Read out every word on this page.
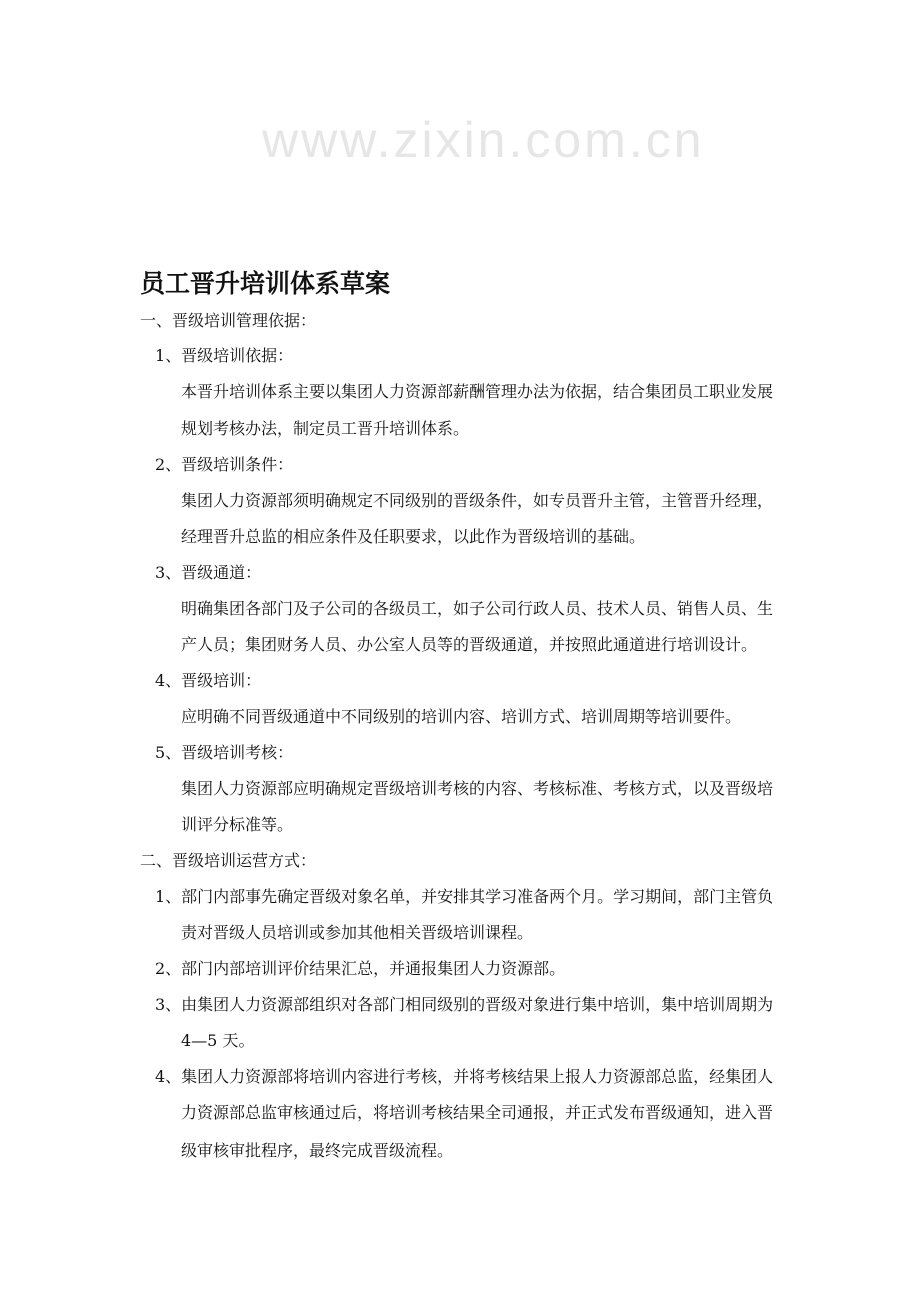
www.zixin.com.cn
员工晋升培训体系草案
一、晋级培训管理依据：
1、晋级培训依据：
本晋升培训体系主要以集团人力资源部薪酬管理办法为依据，结合集团员工职业发展
规划考核办法，制定员工晋升培训体系。
2、晋级培训条件：
集团人力资源部须明确规定不同级别的晋级条件，如专员晋升主管，主管晋升经理，
经理晋升总监的相应条件及任职要求，以此作为晋级培训的基础。
3、晋级通道：
明确集团各部门及子公司的各级员工，如子公司行政人员、技术人员、销售人员、生
产人员；集团财务人员、办公室人员等的晋级通道，并按照此通道进行培训设计。
4、晋级培训：
应明确不同晋级通道中不同级别的培训内容、培训方式、培训周期等培训要件。
5、晋级培训考核：
集团人力资源部应明确规定晋级培训考核的内容、考核标准、考核方式，以及晋级培
训评分标准等。
二、晋级培训运营方式：
1、部门内部事先确定晋级对象名单，并安排其学习准备两个月。学习期间，部门主管负
责对晋级人员培训或参加其他相关晋级培训课程。
2、部门内部培训评价结果汇总，并通报集团人力资源部。
3、由集团人力资源部组织对各部门相同级别的晋级对象进行集中培训，集中培训周期为
4—5 天。
4、集团人力资源部将培训内容进行考核，并将考核结果上报人力资源部总监，经集团人
力资源部总监审核通过后，将培训考核结果全司通报，并正式发布晋级通知，进入晋
级审核审批程序，最终完成晋级流程。
